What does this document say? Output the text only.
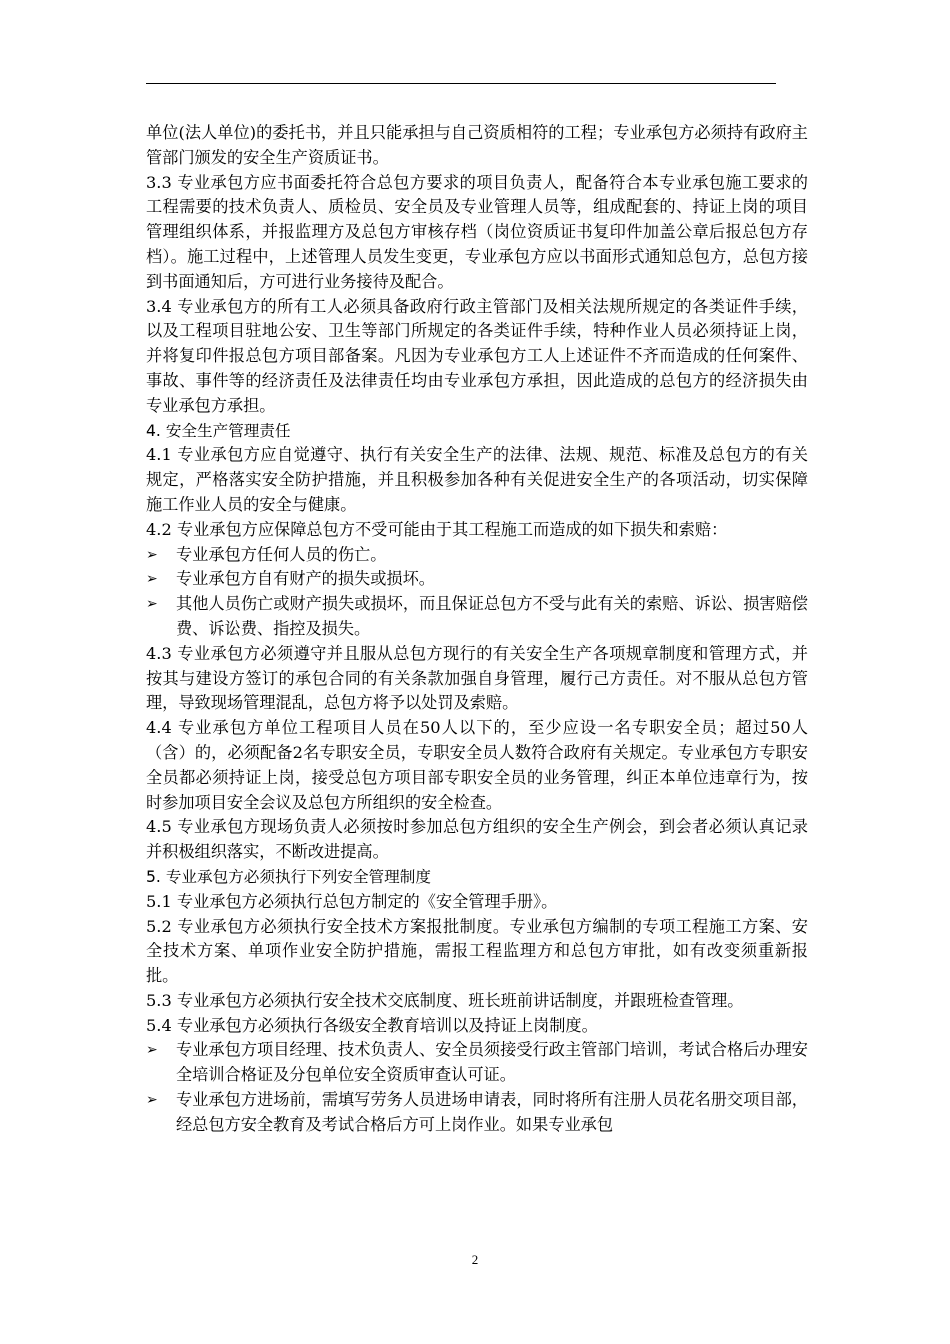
单位(法人单位)的委托书，并且只能承担与自己资质相符的工程；专业承包方必须持有政府主管部门颁发的安全生产资质证书。

3.3 专业承包方应书面委托符合总包方要求的项目负责人，配备符合本专业承包施工要求的工程需要的技术负责人、质检员、安全员及专业管理人员等，组成配套的、持证上岗的项目管理组织体系，并报监理方及总包方审核存档（岗位资质证书复印件加盖公章后报总包方存档）。施工过程中，上述管理人员发生变更，专业承包方应以书面形式通知总包方，总包方接到书面通知后，方可进行业务接待及配合。

3.4 专业承包方的所有工人必须具备政府行政主管部门及相关法规所规定的各类证件手续，以及工程项目驻地公安、卫生等部门所规定的各类证件手续，特种作业人员必须持证上岗，并将复印件报总包方项目部备案。凡因为专业承包方工人上述证件不齐而造成的任何案件、事故、事件等的经济责任及法律责任均由专业承包方承担，因此造成的总包方的经济损失由专业承包方承担。

4. 安全生产管理责任

4.1 专业承包方应自觉遵守、执行有关安全生产的法律、法规、规范、标准及总包方的有关规定，严格落实安全防护措施，并且积极参加各种有关促进安全生产的各项活动，切实保障施工作业人员的安全与健康。

4.2 专业承包方应保障总包方不受可能由于其工程施工而造成的如下损失和索赔：

➢	专业承包方任何人员的伤亡。
➢	专业承包方自有财产的损失或损坏。
➢	其他人员伤亡或财产损失或损坏，而且保证总包方不受与此有关的索赔、诉讼、损害赔偿费、诉讼费、指控及损失。

4.3 专业承包方必须遵守并且服从总包方现行的有关安全生产各项规章制度和管理方式，并按其与建设方签订的承包合同的有关条款加强自身管理，履行己方责任。对不服从总包方管理，导致现场管理混乱，总包方将予以处罚及索赔。

4.4 专业承包方单位工程项目人员在50人以下的，至少应设一名专职安全员；超过50人（含）的，必须配备2名专职安全员，专职安全员人数符合政府有关规定。专业承包方专职安全员都必须持证上岗，接受总包方项目部专职安全员的业务管理，纠正本单位违章行为，按时参加项目安全会议及总包方所组织的安全检查。

4.5 专业承包方现场负责人必须按时参加总包方组织的安全生产例会，到会者必须认真记录并积极组织落实，不断改进提高。

5. 专业承包方必须执行下列安全管理制度

5.1 专业承包方必须执行总包方制定的《安全管理手册》。

5.2 专业承包方必须执行安全技术方案报批制度。专业承包方编制的专项工程施工方案、安全技术方案、单项作业安全防护措施，需报工程监理方和总包方审批，如有改变须重新报批。

5.3 专业承包方必须执行安全技术交底制度、班长班前讲话制度，并跟班检查管理。

5.4 专业承包方必须执行各级安全教育培训以及持证上岗制度。

➢	专业承包方项目经理、技术负责人、安全员须接受行政主管部门培训，考试合格后办理安全培训合格证及分包单位安全资质审查认可证。
➢	专业承包方进场前，需填写劳务人员进场申请表，同时将所有注册人员花名册交项目部，经总包方安全教育及考试合格后方可上岗作业。如果专业承包
2
